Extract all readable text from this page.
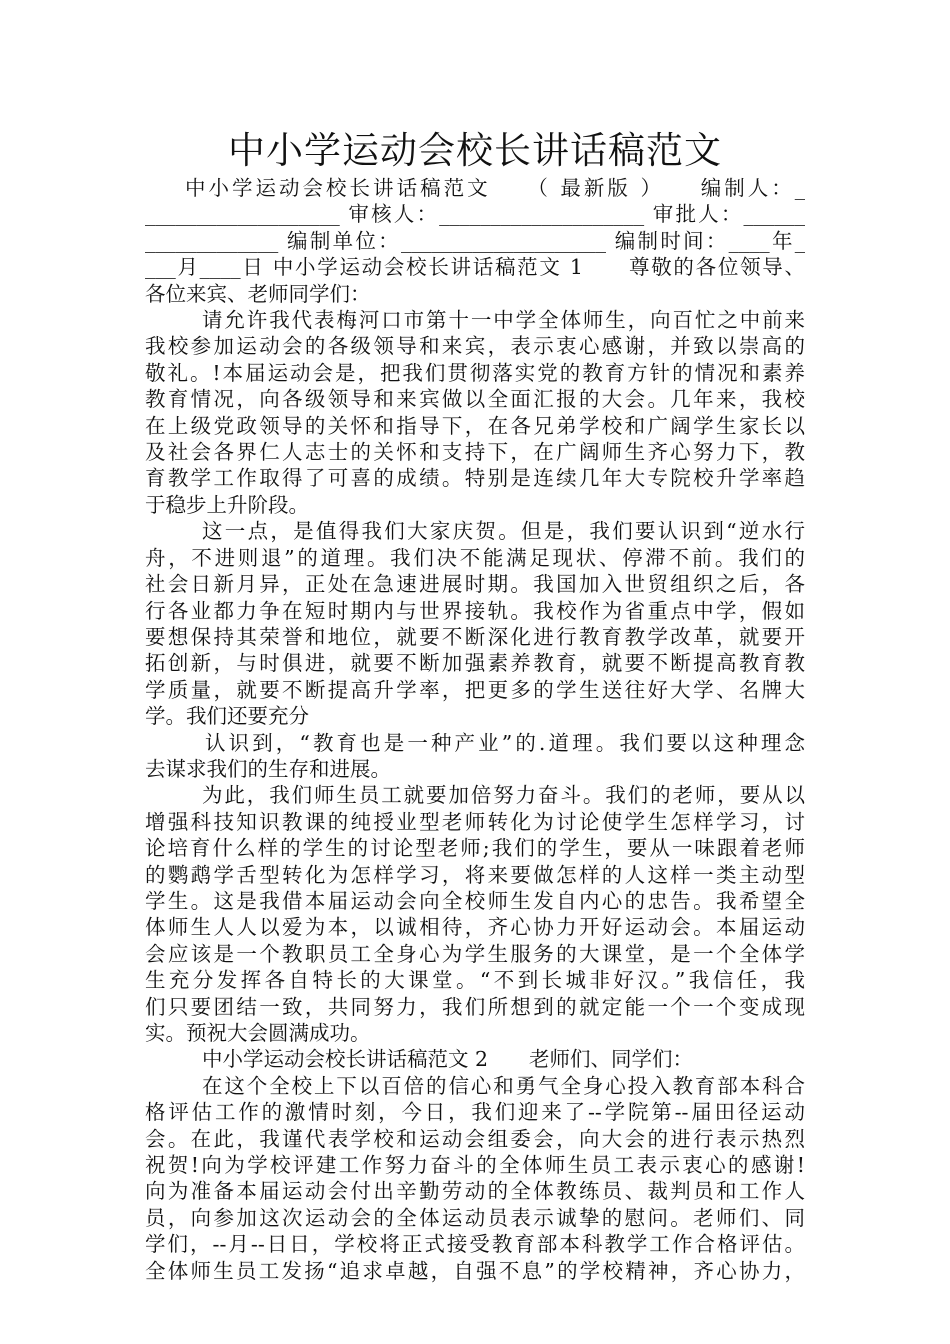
中小学运动会校长讲话稿范文
中小学运动会校长讲话稿范文　　（ 最新版 ）　　编制人：_
___________________ 审核人：____________________ 审批人：______
_____________ 编制单位：____________________ 编制时间：____年_
___月____日 中小学运动会校长讲话稿范文 1　　尊敬的各位领导、
各位来宾、老师同学们：
请允许我代表梅河口市第十一中学全体师生，向百忙之中前来
我校参加运动会的各级领导和来宾，表示衷心感谢，并致以崇高的
敬礼。!本届运动会是，把我们贯彻落实党的教育方针的情况和素养
教育情况，向各级领导和来宾做以全面汇报的大会。几年来，我校
在上级党政领导的关怀和指导下，在各兄弟学校和广阔学生家长以
及社会各界仁人志士的关怀和支持下，在广阔师生齐心努力下，教
育教学工作取得了可喜的成绩。特别是连续几年大专院校升学率趋
于稳步上升阶段。
这一点，是值得我们大家庆贺。但是，我们要认识到“逆水行
舟，不进则退”的道理。我们决不能满足现状、停滞不前。我们的
社会日新月异，正处在急速进展时期。我国加入世贸组织之后，各
行各业都力争在短时期内与世界接轨。我校作为省重点中学，假如
要想保持其荣誉和地位，就要不断深化进行教育教学改革，就要开
拓创新，与时俱进，就要不断加强素养教育，就要不断提高教育教
学质量，就要不断提高升学率，把更多的学生送往好大学、名牌大
学。我们还要充分
认识到，“教育也是一种产业”的.道理。我们要以这种理念
去谋求我们的生存和进展。
为此，我们师生员工就要加倍努力奋斗。我们的老师，要从以
增强科技知识教课的纯授业型老师转化为讨论使学生怎样学习，讨
论培育什么样的学生的讨论型老师;我们的学生，要从一味跟着老师
的鹦鹉学舌型转化为怎样学习，将来要做怎样的人这样一类主动型
学生。这是我借本届运动会向全校师生发自内心的忠告。我希望全
体师生人人以爱为本，以诚相待，齐心协力开好运动会。本届运动
会应该是一个教职员工全身心为学生服务的大课堂，是一个全体学
生充分发挥各自特长的大课堂。“不到长城非好汉。”我信任，我
们只要团结一致，共同努力，我们所想到的就定能一个一个变成现
实。预祝大会圆满成功。
中小学运动会校长讲话稿范文 2　　老师们、同学们：
在这个全校上下以百倍的信心和勇气全身心投入教育部本科合
格评估工作的激情时刻，今日，我们迎来了--学院第--届田径运动
会。在此，我谨代表学校和运动会组委会，向大会的进行表示热烈
祝贺!向为学校评建工作努力奋斗的全体师生员工表示衷心的感谢!
向为准备本届运动会付出辛勤劳动的全体教练员、裁判员和工作人
员，向参加这次运动会的全体运动员表示诚挚的慰问。老师们、同
学们，--月--日日，学校将正式接受教育部本科教学工作合格评估。
全体师生员工发扬“追求卓越，自强不息”的学校精神，齐心协力，
